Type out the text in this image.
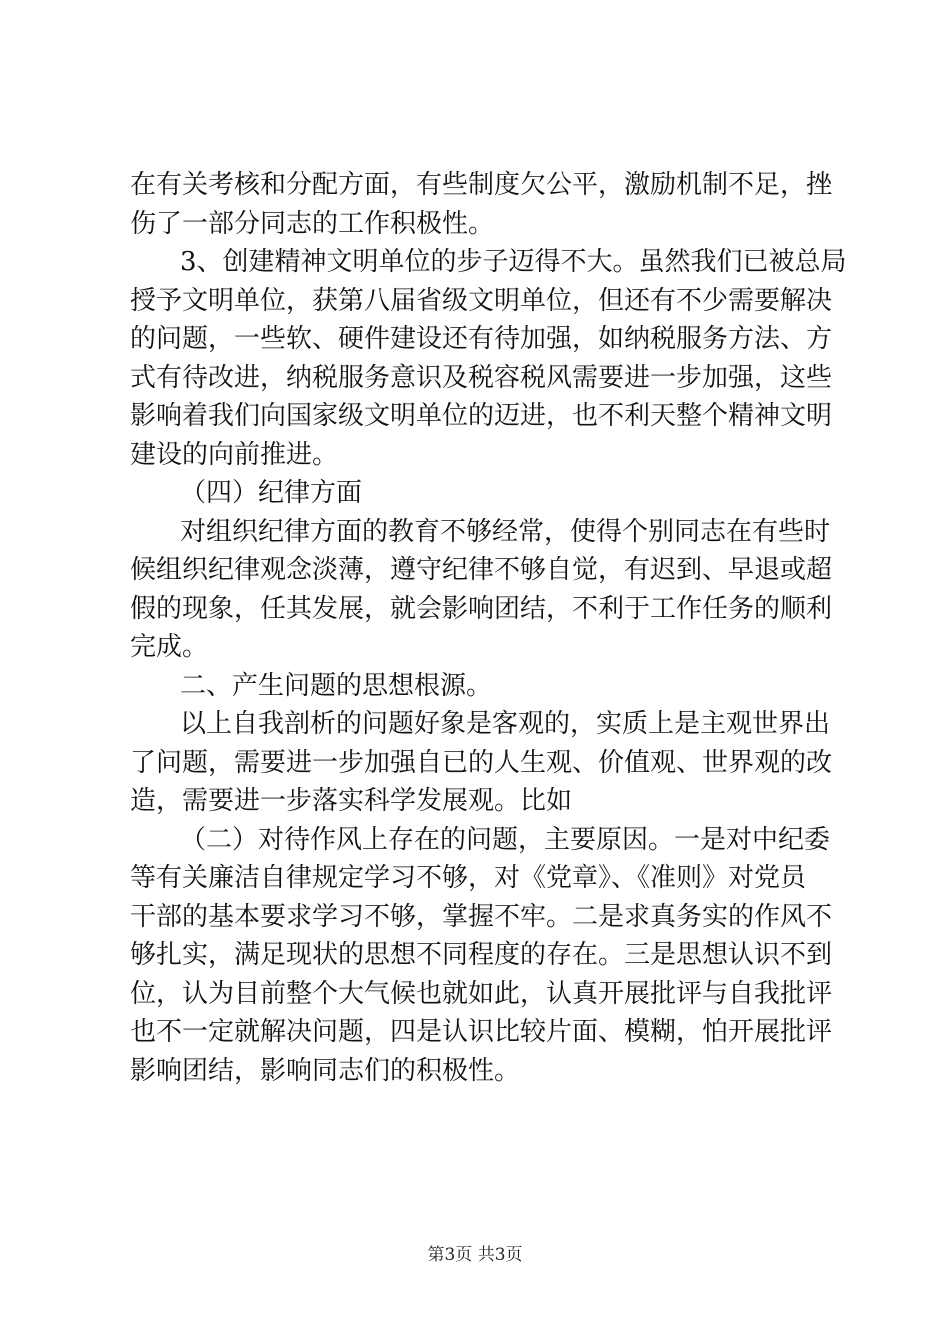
在有关考核和分配方面，有些制度欠公平，激励机制不足，挫
伤了一部分同志的工作积极性。
3、创建精神文明单位的步子迈得不大。虽然我们已被总局
授予文明单位，获第八届省级文明单位，但还有不少需要解决
的问题，一些软、硬件建设还有待加强，如纳税服务方法、方
式有待改进，纳税服务意识及税容税风需要进一步加强，这些
影响着我们向国家级文明单位的迈进，也不利天整个精神文明
建设的向前推进。
（四）纪律方面
对组织纪律方面的教育不够经常，使得个别同志在有些时
候组织纪律观念淡薄，遵守纪律不够自觉，有迟到、早退或超
假的现象，任其发展，就会影响团结，不利于工作任务的顺利
完成。
二、产生问题的思想根源。
以上自我剖析的问题好象是客观的，实质上是主观世界出
了问题，需要进一步加强自已的人生观、价值观、世界观的改
造，需要进一步落实科学发展观。比如
（二）对待作风上存在的问题，主要原因。一是对中纪委
等有关廉洁自律规定学习不够，对《党章》、《准则》对党员
干部的基本要求学习不够，掌握不牢。二是求真务实的作风不
够扎实，满足现状的思想不同程度的存在。三是思想认识不到
位，认为目前整个大气候也就如此，认真开展批评与自我批评
也不一定就解决问题，四是认识比较片面、模糊，怕开展批评
影响团结，影响同志们的积极性。
第3页 共3页
